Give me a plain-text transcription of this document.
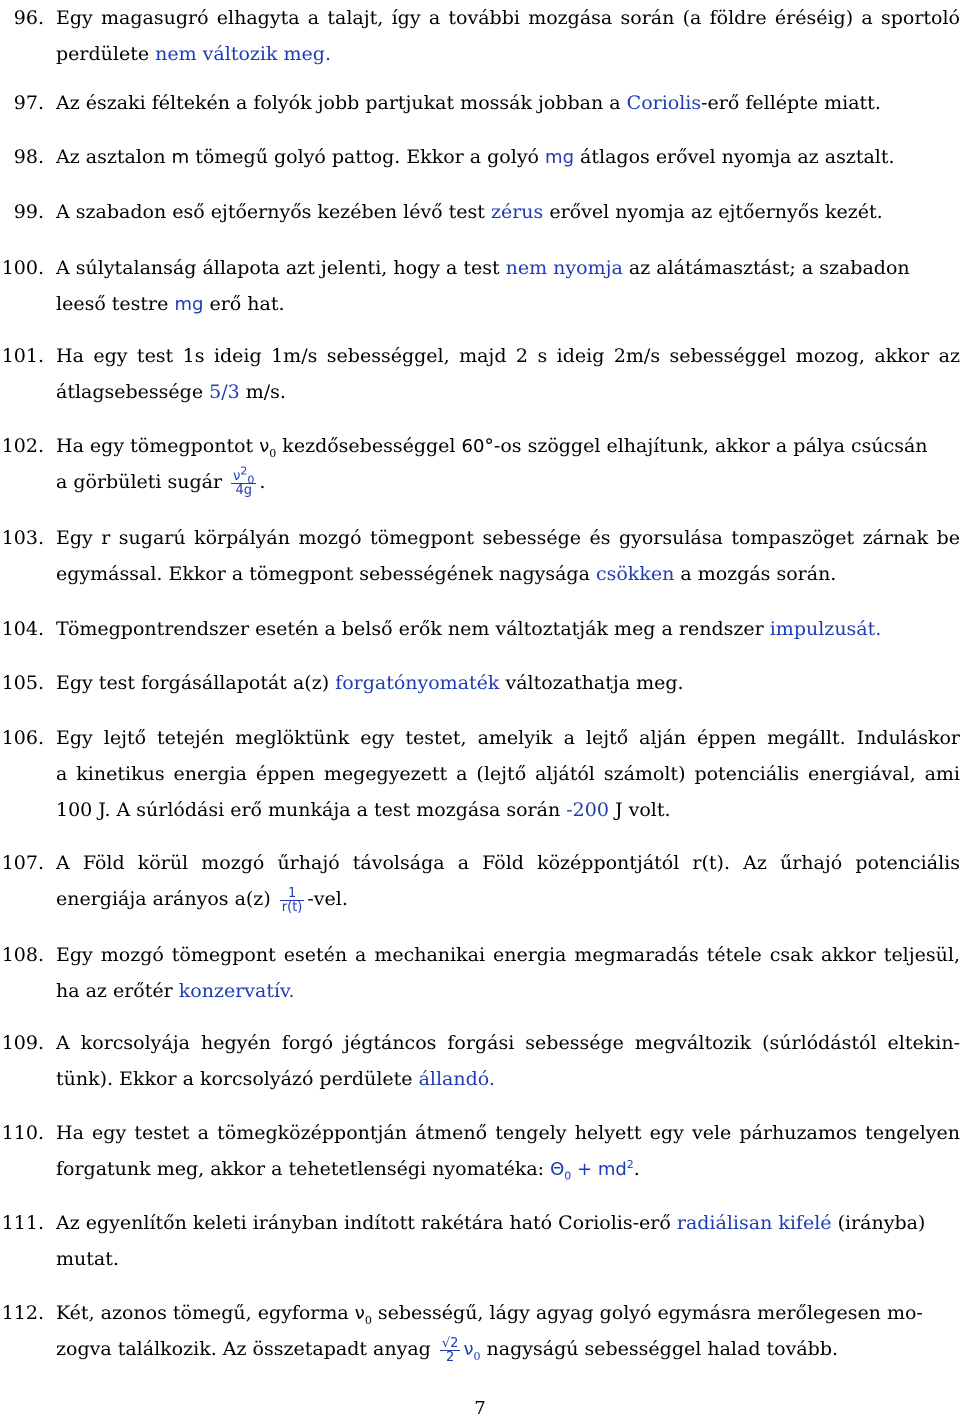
96. Egy magasugró elhagyta a talajt, így a további mozgása során (a földre éréséig) a sportoló
perdülete nem változik meg.
97. Az északi féltekén a folyók jobb partjukat mossák jobban a Coriolis-erő fellépte miatt.
98. Az asztalon m tömegű golyó pattog. Ekkor a golyó mg átlagos erővel nyomja az asztalt.
99. A szabadon eső ejtőernyős kezében lévő test zérus erővel nyomja az ejtőernyős kezét.
100. A súlytalanság állapota azt jelenti, hogy a test nem nyomja az alátámasztást; a szabadon
leeső testre mg erő hat.
101. Ha egy test 1s ideig 1m/s sebességgel, majd 2 s ideig 2m/s sebességgel mozog, akkor az
átlagsebessége 5/3 m/s.
102. Ha egy tömegpontot $\nu_0$ kezdősebességgel 60°-os szöggel elhajítunk, akkor a pálya csúcsán
a görbületi sugár $\frac{\nu^2_0}{4g}$ .
103. Egy r sugarú körpályán mozgó tömegpont sebessége és gyorsulása tompaszöget zárnak be
egymással. Ekkor a tömegpont sebességének nagysága csökken a mozgás során.
104. Tömegpontrendszer esetén a belső erők nem változtatják meg a rendszer impulzusát.
105. Egy test forgásállapotát a(z) forgatónyomaték változathatja meg.
106. Egy lejtő tetején meglöktünk egy testet, amelyik a lejtő alján éppen megállt. Induláskor
a kinetikus energia éppen megegyezett a (lejtő aljától számolt) potenciális energiával, ami
100 J. A súrlódási erő munkája a test mozgása során -200 J volt.
107. A Föld körül mozgó űrhajó távolsága a Föld középpontjától r(t). Az űrhajó potenciális
energiája arányos $a(z) \frac{1}{r(t)} -vel$.
108. Egy mozgó tömegpont esetén a mechanikai energia megmaradás tétele csak akkor teljesül,
ha az erőtér konzervatív.
109. A korcsolyája hegyén forgó jégtáncos forgási sebessége megváltozik (súrlódástól eltekin-
tünk). Ekkor a korcsolyázó perdülete állandó.
110. Ha egy testet a tömegközéppontján átmenő tengely helyett egy vele párhuzamos tengelyen
forgatunk meg, akkor a tehetetlenségi nyomatéka: $\Theta_0 + md^2$.
111. Az egyenlítőn keleti irányban indított rakétára ható Coriolis-erő radiálisan kifelé (irányba)
mutat.
112. Két, azonos tömegű, egyforma $\nu_0$ sebességű, lágy agyag golyó egymásra merőlegesen mo-
zogva találkozik. Az összetapadt anyag $\frac{√2}{2} \nu_0$ nagyságú sebességgel halad tovább.
7
